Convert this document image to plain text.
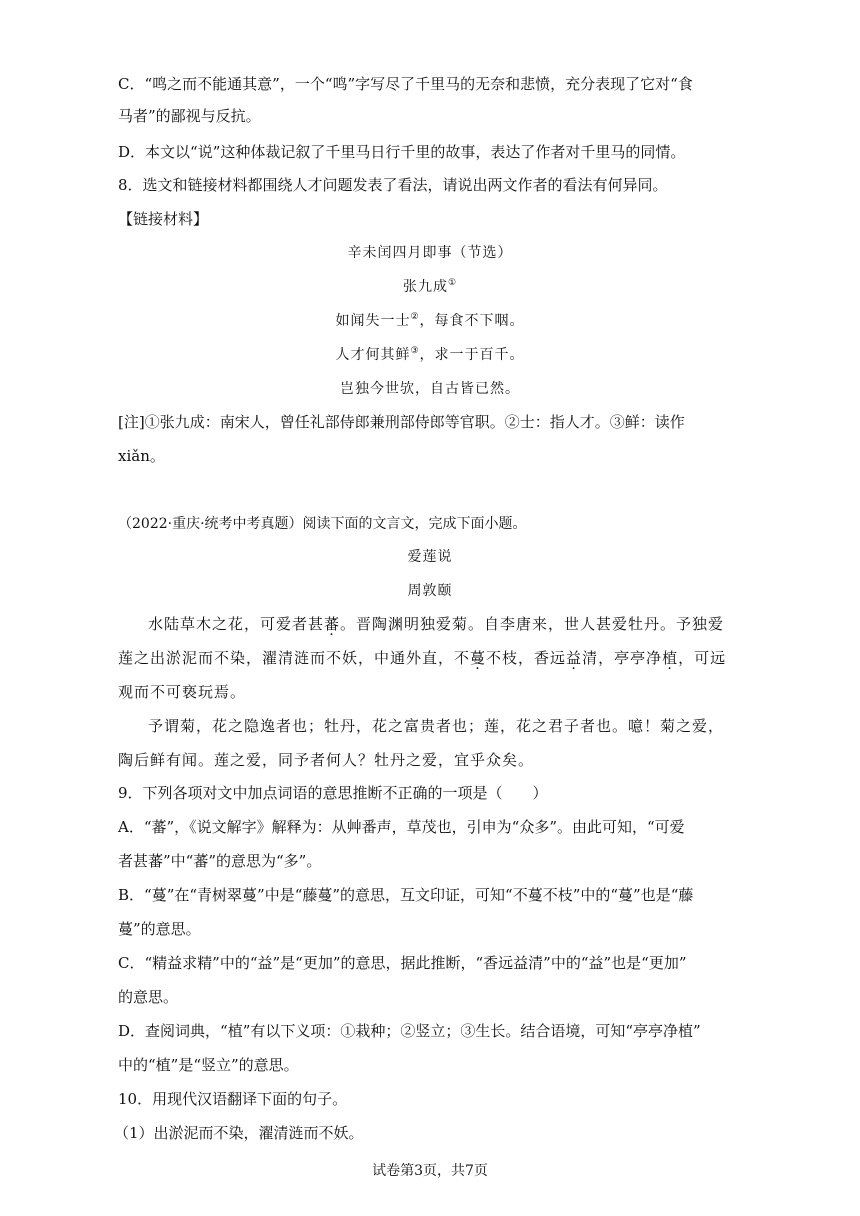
C．“鸣之而不能通其意”，一个“鸣”字写尽了千里马的无奈和悲愤，充分表现了它对“食
马者”的鄙视与反抗。
D．本文以“说”这种体裁记叙了千里马日行千里的故事，表达了作者对千里马的同情。
8．选文和链接材料都围绕人才问题发表了看法，请说出两文作者的看法有何异同。
【链接材料】
辛未闰四月即事（节选）
张九成①
如闻失一士②，每食不下咽。
人才何其鲜③，求一于百千。
岂独今世欤，自古皆已然。
[注]①张九成：南宋人，曾任礼部侍郎兼刑部侍郎等官职。②士：指人才。③鲜：读作
xiǎn。
（2022·重庆·统考中考真题）阅读下面的文言文，完成下面小题。
爱莲说
周敦颐
水陆草木之花，可爱者甚蕃。晋陶渊明独爱菊。自李唐来，世人甚爱牡丹。予独爱
莲之出淤泥而不染，濯清涟而不妖，中通外直，不蔓不枝，香远益清，亭亭净植，可远
观而不可亵玩焉。
予谓菊，花之隐逸者也；牡丹，花之富贵者也；莲，花之君子者也。噫！菊之爱，
陶后鲜有闻。莲之爱，同予者何人？牡丹之爱，宜乎众矣。
9．下列各项对文中加点词语的意思推断不正确的一项是（　　）
A．“蕃”，《说文解字》解释为：从艸番声，草茂也，引申为“众多”。由此可知，“可爱
者甚蕃”中“蕃”的意思为“多”。
B．“蔓”在“青树翠蔓”中是“藤蔓”的意思，互文印证，可知“不蔓不枝”中的“蔓”也是“藤
蔓”的意思。
C．“精益求精”中的“益”是“更加”的意思，据此推断，“香远益清”中的“益”也是“更加”
的意思。
D．查阅词典，“植”有以下义项：①栽种；②竖立；③生长。结合语境，可知“亭亭净植”
中的“植”是“竖立”的意思。
10．用现代汉语翻译下面的句子。
（1）出淤泥而不染，濯清涟而不妖。
试卷第3页，共7页
